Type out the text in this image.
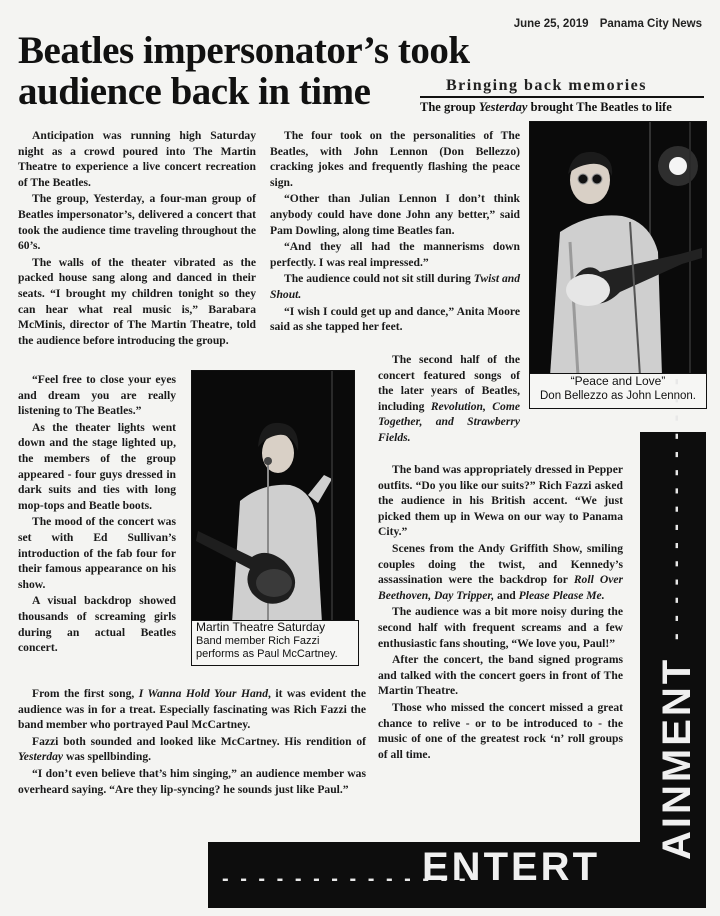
June 25, 2019 Panama City News
Beatles impersonator’s took
audience back in time	Bringing back memories
The group Yesterday brought The Beatles to life

Anticipation was running high Saturday night as a crowd poured into The Martin Theatre to experience a live concert recreation of The Beatles.

The group, Yesterday, a four-man group of Beatles impersonator’s, delivered a concert that took the audience time traveling throughout the 60’s.

The walls of the theater vibrated as the packed house sang along and danced in their seats. “I brought my children tonight so they can hear what real music is,” Barabara McMinis, director of The Martin Theatre, told the audience before introducing the group.

“Feel free to close your eyes and dream you are really listening to The Beatles.”

As the theater lights went down and the stage lighted up, the members of the group appeared - four guys dressed in dark suits and ties with long mop-tops and Beatle boots.

The mood of the concert was set with Ed Sullivan’s introduction of the fab four for their famous appearance on his show.

A visual backdrop showed thousands of screaming girls during an actual Beatles concert.

The four took on the personalities of The Beatles, with John Lennon (Don Bellezzo) cracking jokes and frequently flashing the peace sign.

“Other than Julian Lennon I don’t think anybody could have done John any better,” said Pam Dowling, along time Beatles fan.

“And they all had the mannerisms down perfectly. I was real impressed.”

The audience could not sit still during Twist and Shout.

“I wish I could get up and dance,” Anita Moore said as she tapped her feet.

The second half of the concert featured songs of the later years of Beatles, including Revolution, Come Together, and Strawberry Fields.

The band was appropriately dressed in Pepper outfits. “Do you like our suits?” Rich Fazzi asked the audience in his British accent. “We just picked them up in Wewa on our way to Panama City.”

Scenes from the Andy Griffith Show, smiling couples doing the twist, and Kennedy’s assassination were the backdrop for Roll Over Beethoven, Day Tripper, and Please Please Me.

The audience was a bit more noisy during the second half with frequent screams and a few enthusiastic fans shouting, “We love you, Paul!”

After the concert, the band signed programs and talked with the concert goers in front of The Martin Theatre.

Those who missed the concert missed a great chance to relive - or to be introduced to - the music of one of the greatest rock ‘n’ roll groups of all time.

From the first song, I Wanna Hold Your Hand, it was evident the audience was in for a treat. Especially fascinating was Rich Fazzi the band member who portrayed Paul McCartney.

Fazzi both sounded and looked like McCartney. His rendition of Yesterday was spellbinding.

“I don’t even believe that’s him singing,” an audience member was overheard saying. “Are they lip-syncing? he sounds just like Paul.”

“Peace and Love”
Don Bellezzo as John Lennon.
Martin Theatre Saturday
Band member Rich Fazzi
performs as Paul McCartney.
- - - - - - - - - - - - - -
ENTERT
AINMENT
- - - - - - - - - - - - - - -
